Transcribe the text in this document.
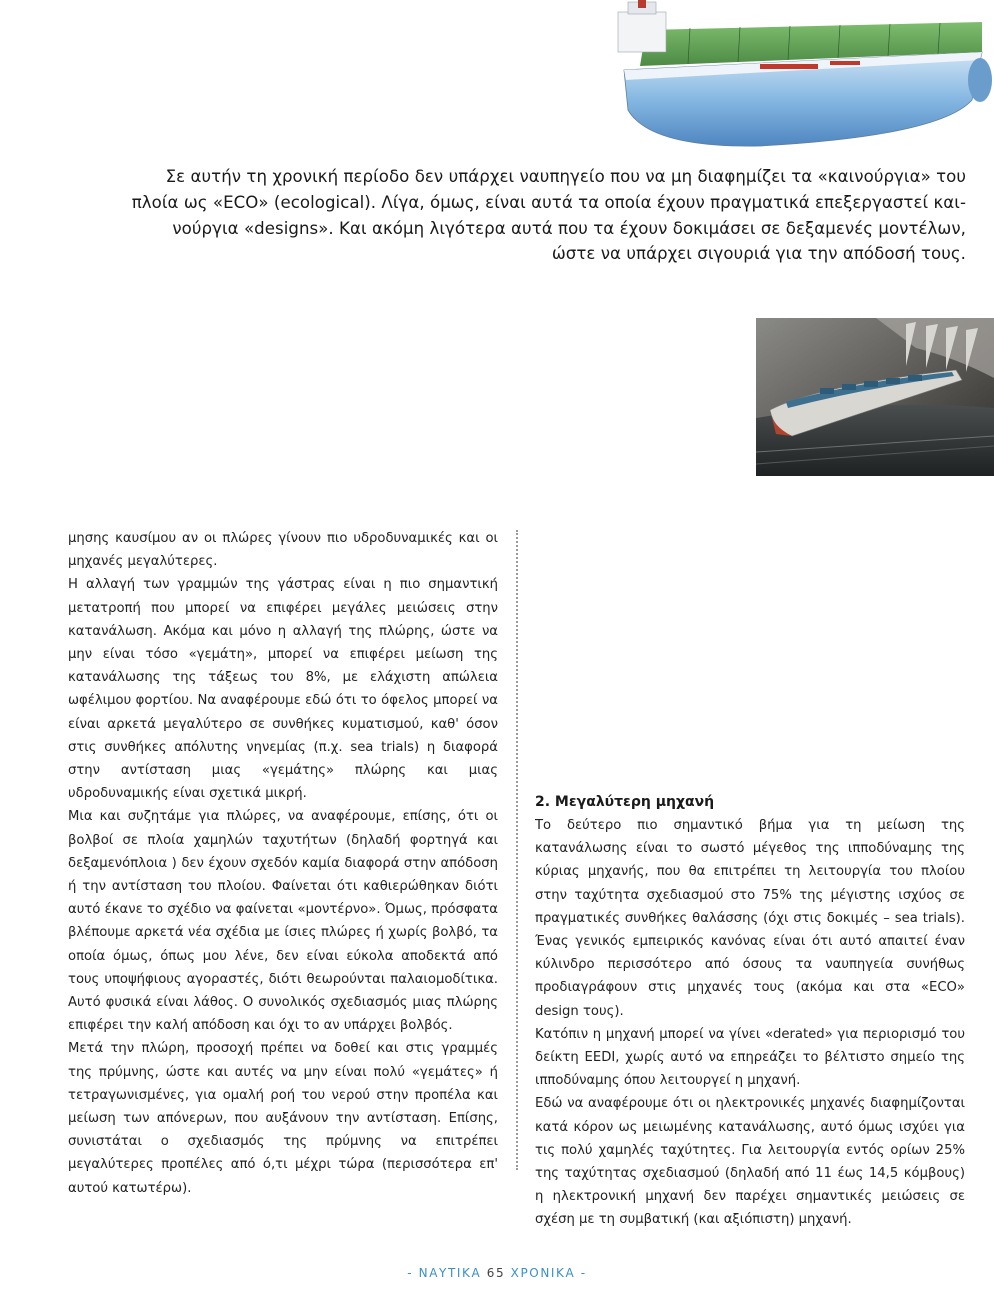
Σε αυτήν τη χρονική περίοδο δεν υπάρχει ναυπηγείο που να μη διαφημίζει τα «καινούργια» του

πλοία ως «ECO» (ecological). Λίγα, όμως, είναι αυτά τα οποία έχουν πραγματικά επεξεργαστεί και-

νούργια «designs». Και ακόμη λιγότερα αυτά που τα έχουν δοκιμάσει σε δεξαμενές μοντέλων,

ώστε να υπάρχει σιγουριά για την απόδοσή τους.

μησης καυσίμου αν οι πλώρες γίνουν πιο υδροδυναμικές και οι μηχανές μεγαλύτερες.

Η αλλαγή των γραμμών της γάστρας είναι η πιο σημαντική μετατροπή που μπορεί να επιφέρει μεγάλες μειώσεις στην κατανάλωση. Ακόμα και μόνο η αλλαγή της πλώρης, ώστε να μην είναι τόσο «γεμάτη», μπορεί να επιφέρει μείωση της κατανάλωσης της τάξεως του 8%, με ελάχιστη απώλεια ωφέλιμου φορτίου. Να αναφέρουμε εδώ ότι το όφελος μπορεί να είναι αρκετά μεγαλύτερο σε συνθήκες κυματισμού, καθ' όσον στις συνθήκες απόλυτης νηνεμίας (π.χ. sea trials) η διαφορά στην αντίσταση μιας «γεμάτης» πλώρης και μιας υδροδυναμικής είναι σχετικά μικρή.

Μια και συζητάμε για πλώρες, να αναφέρουμε, επίσης, ότι οι βολβοί σε πλοία χαμηλών ταχυτήτων (δηλαδή φορτηγά και δεξαμενόπλοια ) δεν έχουν σχεδόν καμία διαφορά στην απόδοση ή την αντίσταση του πλοίου. Φαίνεται ότι καθιερώθηκαν διότι αυτό έκανε το σχέδιο να φαίνεται «μοντέρνο». Όμως, πρόσφατα βλέπουμε αρκετά νέα σχέδια με ίσιες πλώρες ή χωρίς βολβό, τα οποία όμως, όπως μου λένε, δεν είναι εύκολα αποδεκτά από τους υποψήφιους αγοραστές, διότι θεωρούνται παλαιομοδίτικα. Αυτό φυσικά είναι λάθος. Ο συνολικός σχεδιασμός μιας πλώρης επιφέρει την καλή απόδοση και όχι το αν υπάρχει βολβός.

Μετά την πλώρη, προσοχή πρέπει να δοθεί και στις γραμμές της πρύμνης, ώστε και αυτές να μην είναι πολύ «γεμάτες» ή τετραγωνισμένες, για ομαλή ροή του νερού στην προπέλα και μείωση των απόνερων, που αυξάνουν την αντίσταση. Επίσης, συνιστάται ο σχεδιασμός της πρύμνης να επιτρέπει μεγαλύτερες προπέλες από ό,τι μέχρι τώρα (περισσότερα επ' αυτού κατωτέρω).

2. Μεγαλύτερη μηχανή

Το δεύτερο πιο σημαντικό βήμα για τη μείωση της κατανάλωσης είναι το σωστό μέγεθος της ιπποδύναμης της κύριας μηχανής, που θα επιτρέπει τη λειτουργία του πλοίου στην ταχύτητα σχεδιασμού στο 75% της μέγιστης ισχύος σε πραγματικές συνθήκες θαλάσσης (όχι στις δοκιμές – sea trials). Ένας γενικός εμπειρικός κανόνας είναι ότι αυτό απαιτεί έναν κύλινδρο περισσότερο από όσους τα ναυπηγεία συνήθως προδιαγράφουν στις μηχανές τους (ακόμα και στα «ECO» design τους).

Κατόπιν η μηχανή μπορεί να γίνει «derated» για περιορισμό του δείκτη EEDI, χωρίς αυτό να επηρεάζει το βέλτιστο σημείο της ιπποδύναμης όπου λειτουργεί η μηχανή.

Εδώ να αναφέρουμε ότι οι ηλεκτρονικές μηχανές διαφημίζονται κατά κόρον ως μειωμένης κατανάλωσης, αυτό όμως ισχύει για τις πολύ χαμηλές ταχύτητες. Για λειτουργία εντός ορίων 25% της ταχύτητας σχεδιασμού (δηλαδή από 11 έως 14,5 κόμβους) η ηλεκτρονική μηχανή δεν παρέχει σημαντικές μειώσεις σε σχέση με τη συμβατική (και αξιόπιστη) μηχανή.

- ΝΑΥΤΙΚΑ 65 ΧΡΟΝΙΚΑ -
